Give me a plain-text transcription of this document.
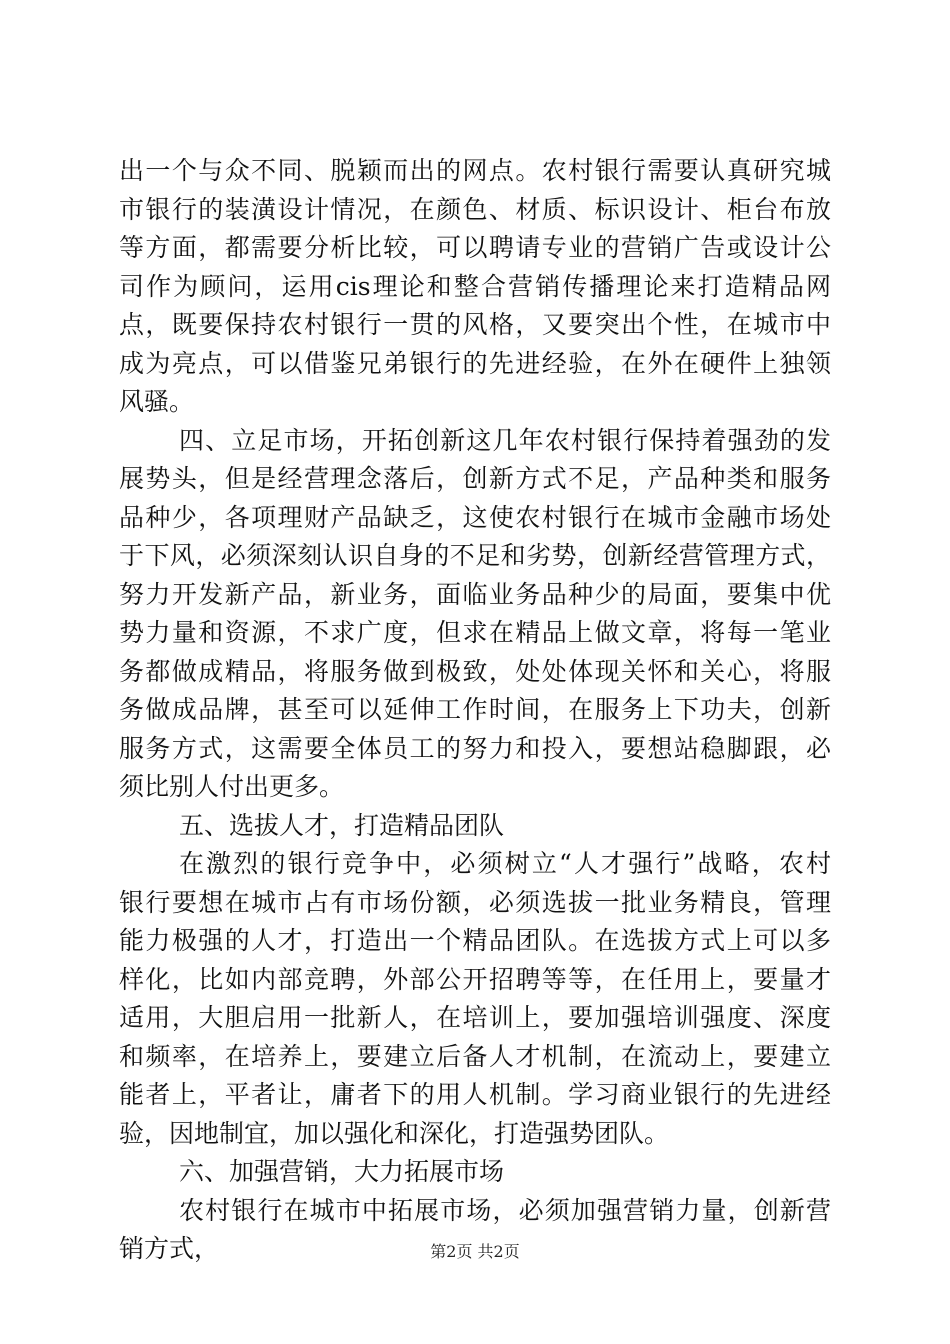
出一个与众不同、脱颖而出的网点。农村银行需要认真研究城
市银行的装潢设计情况，在颜色、材质、标识设计、柜台布放
等方面，都需要分析比较，可以聘请专业的营销广告或设计公
司作为顾问，运用cis理论和整合营销传播理论来打造精品网
点，既要保持农村银行一贯的风格，又要突出个性，在城市中
成为亮点，可以借鉴兄弟银行的先进经验，在外在硬件上独领
风骚。
四、立足市场，开拓创新这几年农村银行保持着强劲的发
展势头，但是经营理念落后，创新方式不足，产品种类和服务
品种少，各项理财产品缺乏，这使农村银行在城市金融市场处
于下风，必须深刻认识自身的不足和劣势，创新经营管理方式，
努力开发新产品，新业务，面临业务品种少的局面，要集中优
势力量和资源，不求广度，但求在精品上做文章，将每一笔业
务都做成精品，将服务做到极致，处处体现关怀和关心，将服
务做成品牌，甚至可以延伸工作时间，在服务上下功夫，创新
服务方式，这需要全体员工的努力和投入，要想站稳脚跟，必
须比别人付出更多。
五、选拔人才，打造精品团队
在激烈的银行竞争中，必须树立“人才强行”战略，农村
银行要想在城市占有市场份额，必须选拔一批业务精良，管理
能力极强的人才，打造出一个精品团队。在选拔方式上可以多
样化，比如内部竞聘，外部公开招聘等等，在任用上，要量才
适用，大胆启用一批新人，在培训上，要加强培训强度、深度
和频率，在培养上，要建立后备人才机制，在流动上，要建立
能者上，平者让，庸者下的用人机制。学习商业银行的先进经
验，因地制宜，加以强化和深化，打造强势团队。
六、加强营销，大力拓展市场
农村银行在城市中拓展市场，必须加强营销力量，创新营
销方式，	第2页 共2页
